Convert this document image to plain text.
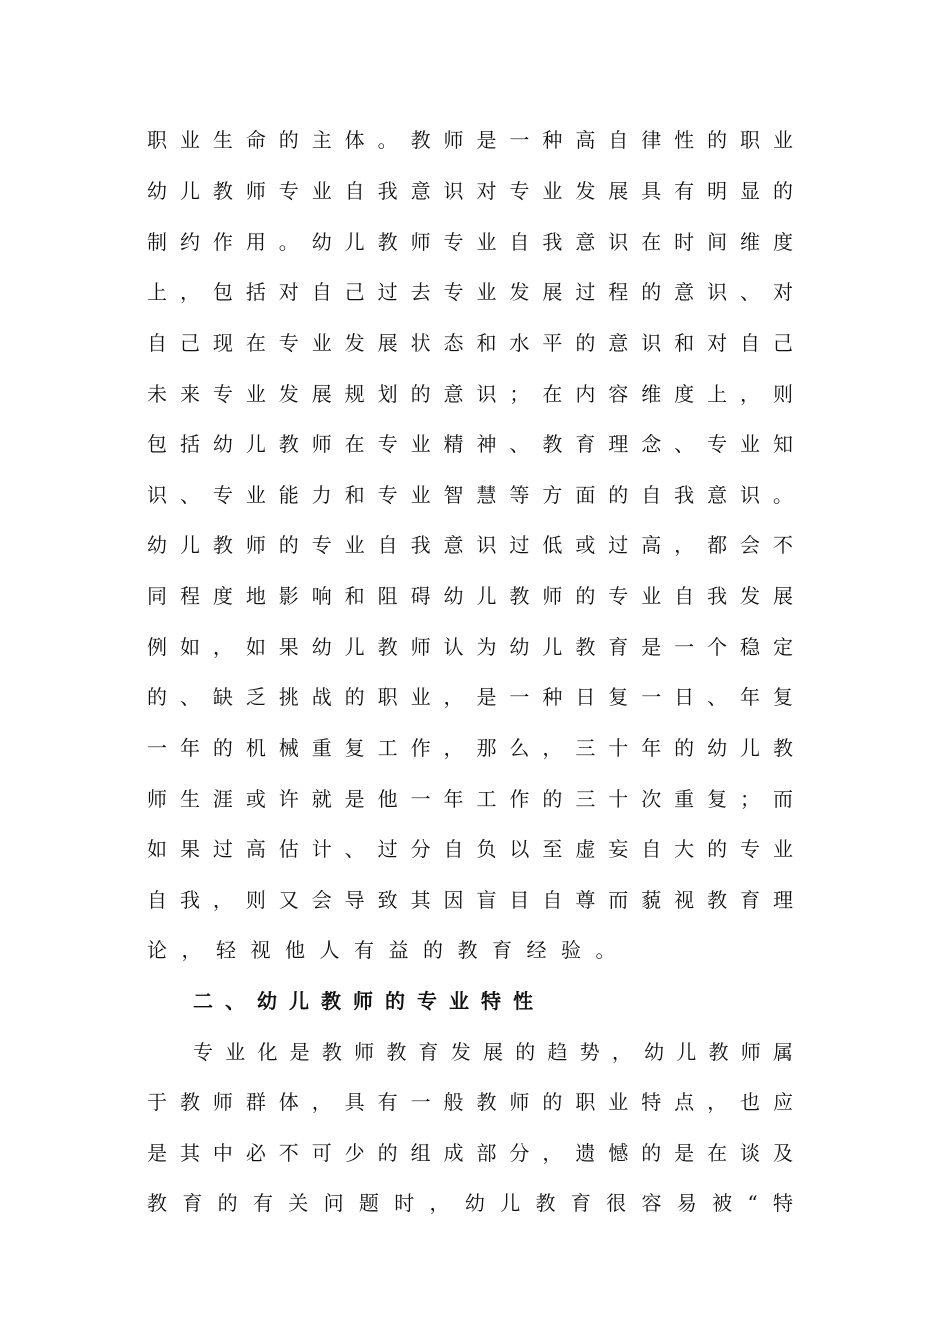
职业生命的主体。教师是一种高自律性的职业
幼儿教师专业自我意识对专业发展具有明显的
制约作用。幼儿教师专业自我意识在时间维度
上，包括对自己过去专业发展过程的意识、对
自己现在专业发展状态和水平的意识和对自己
未来专业发展规划的意识；在内容维度上，则
包括幼儿教师在专业精神、教育理念、专业知
识、专业能力和专业智慧等方面的自我意识。
幼儿教师的专业自我意识过低或过高，都会不
同程度地影响和阻碍幼儿教师的专业自我发展
例如，如果幼儿教师认为幼儿教育是一个稳定
的、缺乏挑战的职业，是一种日复一日、年复
一年的机械重复工作，那么，三十年的幼儿教
师生涯或许就是他一年工作的三十次重复；而
如果过高估计、过分自负以至虚妄自大的专业
自我，则又会导致其因盲目自尊而藐视教育理
论，轻视他人有益的教育经验。
二、幼儿教师的专业特性
专业化是教师教育发展的趋势，幼儿教师属
于教师群体，具有一般教师的职业特点，也应
是其中必不可少的组成部分，遗憾的是在谈及
教育的有关问题时，幼儿教育很容易被“特
